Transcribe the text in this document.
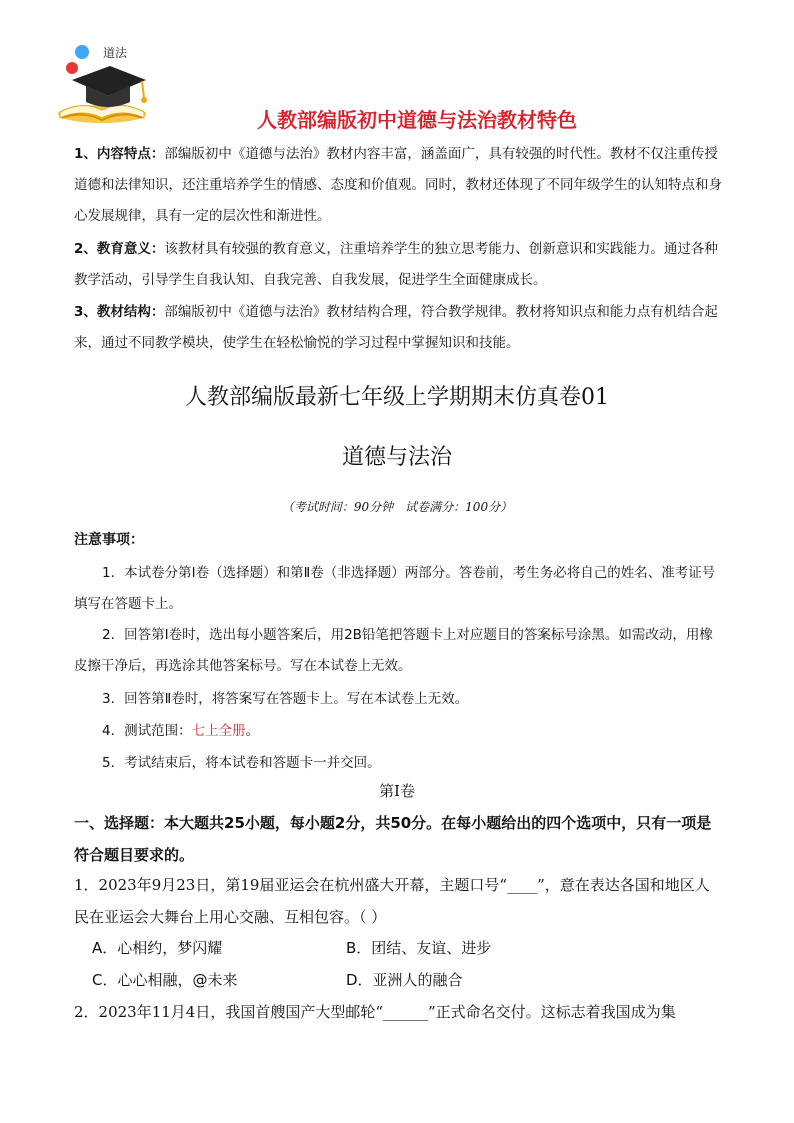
道法
人教部编版初中道德与法治教材特色
1、内容特点：部编版初中《道德与法治》教材内容丰富，涵盖面广，具有较强的时代性。教材不仅注重传授道德和法律知识，还注重培养学生的情感、态度和价值观。同时，教材还体现了不同年级学生的认知特点和身心发展规律，具有一定的层次性和渐进性。
2、教育意义：该教材具有较强的教育意义，注重培养学生的独立思考能力、创新意识和实践能力。通过各种教学活动，引导学生自我认知、自我完善、自我发展，促进学生全面健康成长。
3、教材结构：部编版初中《道德与法治》教材结构合理，符合教学规律。教材将知识点和能力点有机结合起来，通过不同教学模块，使学生在轻松愉悦的学习过程中掌握知识和技能。
人教部编版最新七年级上学期期末仿真卷01
道德与法治
（考试时间：90分钟　试卷满分：100分）
注意事项：
1．本试卷分第Ⅰ卷（选择题）和第Ⅱ卷（非选择题）两部分。答卷前，考生务必将自己的姓名、准考证号填写在答题卡上。
2．回答第Ⅰ卷时，选出每小题答案后，用2B铅笔把答题卡上对应题目的答案标号涂黑。如需改动，用橡皮擦干净后，再选涂其他答案标号。写在本试卷上无效。
3．回答第Ⅱ卷时，将答案写在答题卡上。写在本试卷上无效。
4．测试范围：七上全册。
5．考试结束后，将本试卷和答题卡一并交回。
第Ⅰ卷
一、选择题：本大题共25小题，每小题2分，共50分。在每小题给出的四个选项中，只有一项是符合题目要求的。
1．2023年9月23日，第19届亚运会在杭州盛大开幕，主题口号“____”，意在表达各国和地区人民在亚运会大舞台上用心交融、互相包容。（ ）
A．心相约，梦闪耀	B．团结、友谊、进步
C．心心相融，@未来	D．亚洲人的融合
2．2023年11月4日，我国首艘国产大型邮轮“______”正式命名交付。这标志着我国成为集
